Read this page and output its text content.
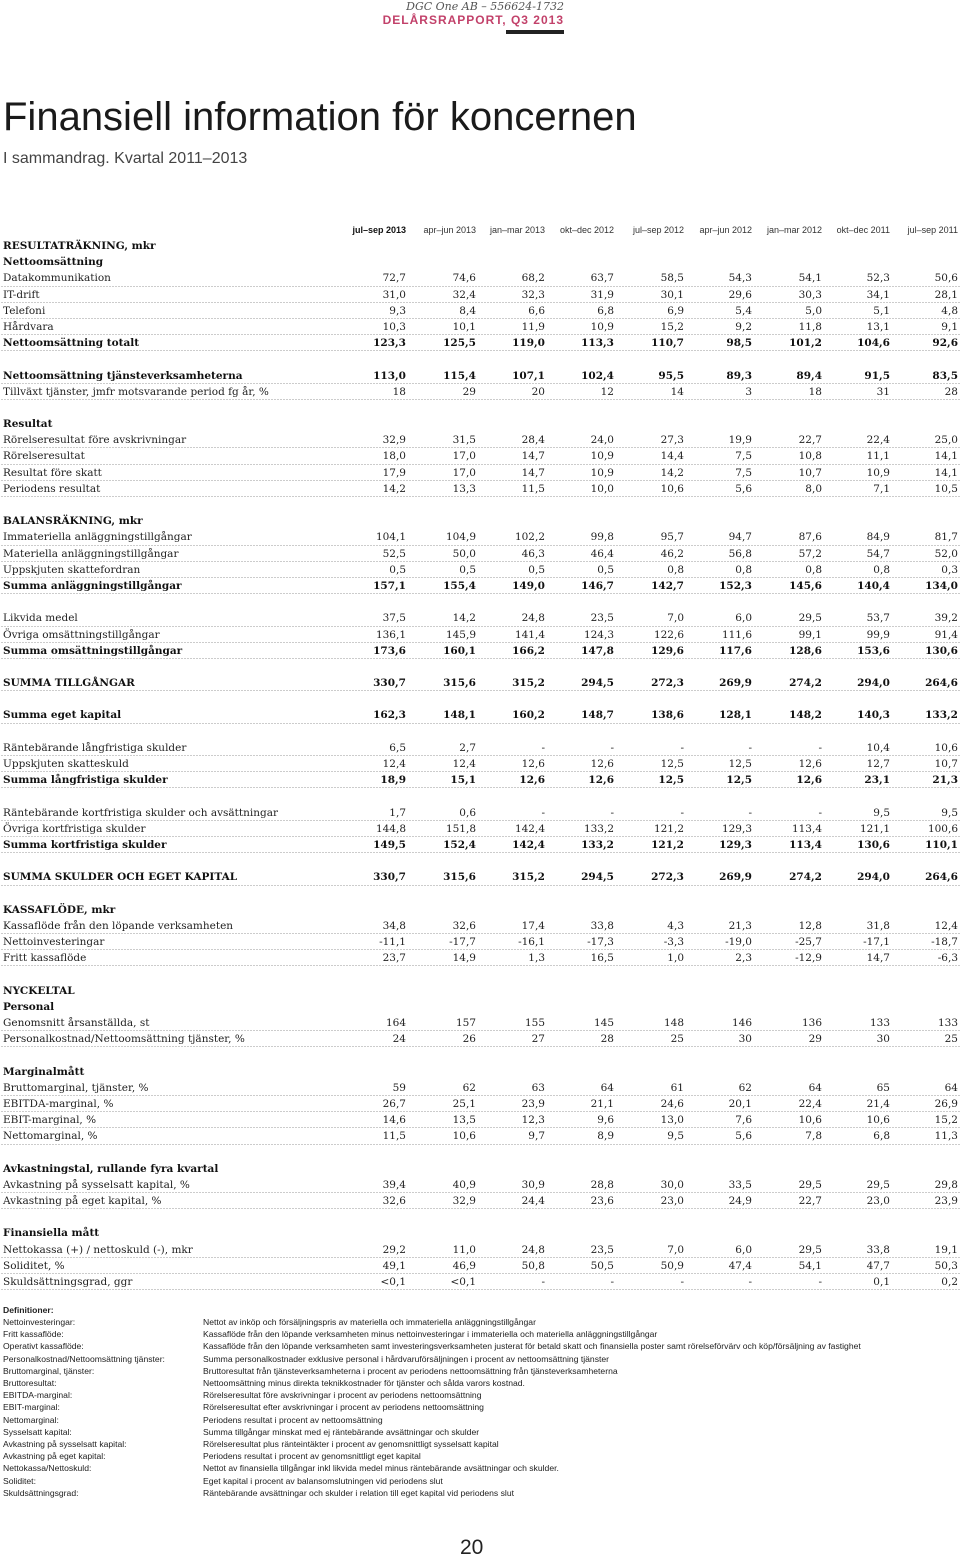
DGC One AB – 556624-1732
DELÅRSRAPPORT, Q3 2013
Finansiell information för koncernen
I sammandrag. Kvartal 2011–2013
jul–sep 2013	apr–jun 2013	jan–mar 2013	okt–dec 2012	jul–sep 2012	apr–jun 2012	jan–mar 2012	okt–dec 2011	jul–sep 2011
RESULTATRÄKNING, mkr
Nettoomsättning
Datakommunikation	72,7	74,6	68,2	63,7	58,5	54,3	54,1	52,3	50,6
IT-drift	31,0	32,4	32,3	31,9	30,1	29,6	30,3	34,1	28,1
Telefoni	9,3	8,4	6,6	6,8	6,9	5,4	5,0	5,1	4,8
Hårdvara	10,3	10,1	11,9	10,9	15,2	9,2	11,8	13,1	9,1
Nettoomsättning totalt	123,3	125,5	119,0	113,3	110,7	98,5	101,2	104,6	92,6
Nettoomsättning tjänsteverksamheterna	113,0	115,4	107,1	102,4	95,5	89,3	89,4	91,5	83,5
Tillväxt tjänster, jmfr motsvarande period fg år, %	18	29	20	12	14	3	18	31	28
Resultat
Rörelseresultat före avskrivningar	32,9	31,5	28,4	24,0	27,3	19,9	22,7	22,4	25,0
Rörelseresultat	18,0	17,0	14,7	10,9	14,4	7,5	10,8	11,1	14,1
Resultat före skatt	17,9	17,0	14,7	10,9	14,2	7,5	10,7	10,9	14,1
Periodens resultat	14,2	13,3	11,5	10,0	10,6	5,6	8,0	7,1	10,5
BALANSRÄKNING, mkr
Immateriella anläggningstillgångar	104,1	104,9	102,2	99,8	95,7	94,7	87,6	84,9	81,7
Materiella anläggningstillgångar	52,5	50,0	46,3	46,4	46,2	56,8	57,2	54,7	52,0
Uppskjuten skattefordran	0,5	0,5	0,5	0,5	0,8	0,8	0,8	0,8	0,3
Summa anläggningstillgångar	157,1	155,4	149,0	146,7	142,7	152,3	145,6	140,4	134,0
Likvida medel	37,5	14,2	24,8	23,5	7,0	6,0	29,5	53,7	39,2
Övriga omsättningstillgångar	136,1	145,9	141,4	124,3	122,6	111,6	99,1	99,9	91,4
Summa omsättningstillgångar	173,6	160,1	166,2	147,8	129,6	117,6	128,6	153,6	130,6
SUMMA TILLGÅNGAR	330,7	315,6	315,2	294,5	272,3	269,9	274,2	294,0	264,6
Summa eget kapital	162,3	148,1	160,2	148,7	138,6	128,1	148,2	140,3	133,2
Räntebärande långfristiga skulder	6,5	2,7	-	-	-	-	-	10,4	10,6
Uppskjuten skatteskuld	12,4	12,4	12,6	12,6	12,5	12,5	12,6	12,7	10,7
Summa långfristiga skulder	18,9	15,1	12,6	12,6	12,5	12,5	12,6	23,1	21,3
Räntebärande kortfristiga skulder och avsättningar	1,7	0,6	-	-	-	-	-	9,5	9,5
Övriga kortfristiga skulder	144,8	151,8	142,4	133,2	121,2	129,3	113,4	121,1	100,6
Summa kortfristiga skulder	149,5	152,4	142,4	133,2	121,2	129,3	113,4	130,6	110,1
SUMMA SKULDER OCH EGET KAPITAL	330,7	315,6	315,2	294,5	272,3	269,9	274,2	294,0	264,6
KASSAFLÖDE, mkr
Kassaflöde från den löpande verksamheten	34,8	32,6	17,4	33,8	4,3	21,3	12,8	31,8	12,4
Nettoinvesteringar	-11,1	-17,7	-16,1	-17,3	-3,3	-19,0	-25,7	-17,1	-18,7
Fritt kassaflöde	23,7	14,9	1,3	16,5	1,0	2,3	-12,9	14,7	-6,3
NYCKELTAL
Personal
Genomsnitt årsanställda, st	164	157	155	145	148	146	136	133	133
Personalkostnad/Nettoomsättning tjänster, %	24	26	27	28	25	30	29	30	25
Marginalmått
Bruttomarginal, tjänster, %	59	62	63	64	61	62	64	65	64
EBITDA-marginal, %	26,7	25,1	23,9	21,1	24,6	20,1	22,4	21,4	26,9
EBIT-marginal, %	14,6	13,5	12,3	9,6	13,0	7,6	10,6	10,6	15,2
Nettomarginal, %	11,5	10,6	9,7	8,9	9,5	5,6	7,8	6,8	11,3
Avkastningstal, rullande fyra kvartal
Avkastning på sysselsatt kapital, %	39,4	40,9	30,9	28,8	30,0	33,5	29,5	29,5	29,8
Avkastning på eget kapital, %	32,6	32,9	24,4	23,6	23,0	24,9	22,7	23,0	23,9
Finansiella mått
Nettokassa (+) / nettoskuld (-), mkr	29,2	11,0	24,8	23,5	7,0	6,0	29,5	33,8	19,1
Soliditet, %	49,1	46,9	50,8	50,5	50,9	47,4	54,1	47,7	50,3
Skuldsättningsgrad, ggr	<0,1	<0,1	-	-	-	-	-	0,1	0,2
Definitioner:
Nettoinvesteringar:	Nettot av inköp och försäljningspris av materiella och immateriella anläggningstillgångar
Fritt kassaflöde:	Kassaflöde från den löpande verksamheten minus nettoinvesteringar i immateriella och materiella anläggningstillgångar
Operativt kassaflöde:	Kassaflöde från den löpande verksamheten samt investeringsverksamheten justerat för betald skatt och finansiella poster samt rörelseförvärv och köp/försäljning av fastighet
Personalkostnad/Nettoomsättning tjänster:	Summa personalkostnader exklusive personal i hårdvaruförsäljningen i procent av nettoomsättning tjänster
Bruttomarginal, tjänster:	Bruttoresultat från tjänsteverksamheterna i procent av periodens nettoomsättning från tjänsteverksamheterna
Bruttoresultat:	Nettoomsättning minus direkta teknikkostnader för tjänster och sålda varors kostnad.
EBITDA-marginal:	Rörelseresultat före avskrivningar i procent av periodens nettoomsättning
EBIT-marginal:	Rörelseresultat efter avskrivningar i procent av periodens nettoomsättning
Nettomarginal:	Periodens resultat i procent av nettoomsättning
Sysselsatt kapital:	Summa tillgångar minskat med ej räntebärande avsättningar och skulder
Avkastning på sysselsatt kapital:	Rörelseresultat plus ränteintäkter i procent av genomsnittligt sysselsatt kapital
Avkastning på eget kapital:	Periodens resultat i procent av genomsnittligt eget kapital
Nettokassa/Nettoskuld:	Nettot av finansiella tillgångar inkl likvida medel minus räntebärande avsättningar och skulder.
Soliditet:	Eget kapital i procent av balansomslutningen vid periodens slut
Skuldsättningsgrad:	Räntebärande avsättningar och skulder i relation till eget kapital vid periodens slut
20
